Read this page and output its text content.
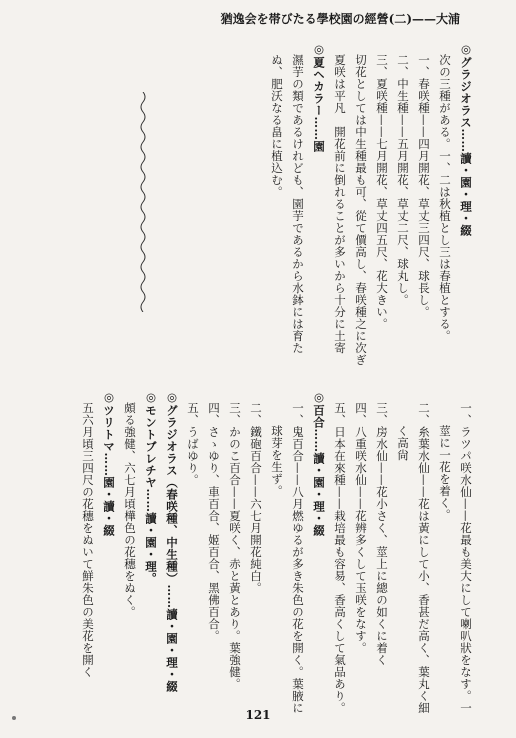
猶逸会を帯びたる學校園の經營(二)——大浦
◎グラジオラス……讀・園・理・綴
次の三種がある。一、二は秋植とし三は春植とする。
一、春咲種——四月開花、草丈三四尺、球長し。
二、中生種——五月開花、草丈二尺、球丸し。
三、夏咲種——七月開花、草丈四五尺、花大きい。
切花としては中生種最も可、從て價高し、春咲種之に次ぎ
夏咲は平凡　開花前に倒れることが多いから十分に土寄
◎夏ヘカラー……園
濕芋の類であるけれども、園芋であるから水鉢には育た
ぬ、肥沃なる畠に植込む。
一、ラツパ咲水仙——花最も美大にして喇叭狀をなす。一
莖に一花を着く。
二、糸葉水仙——花は黃にして小、香甚だ高く、葉丸く細
く高尙
三、房水仙——花小さく、莖上に總の如くに着く
四、八重咲水仙——花辨多くして玉咲をなす。
五、日本在來種——栽培最も容易、香高くして氣品あり。
◎百合……讀・園・理・綴
一、鬼百合——八月燃ゆるが多き朱色の花を開く。葉腋に
球芽を生ず。
二、鐵砲百合——六七月開花純白。
三、かのこ百合——夏咲く、赤と黃とあり。葉強健。
四、さゝゆり、車百合、姬百合、黑佛百合。
五、うばゆり。
◎グラジオラス（春咲種、中生種）……讀・園・理・綴
◎モントブレチヤ……讀・園・理。
頗る強健、六七月頃樺色の花穗をぬく。
◎ツリトマ……園・讀・綴
五六月頃三四尺の花穗をぬいて鮮朱色の美花を開く
121
